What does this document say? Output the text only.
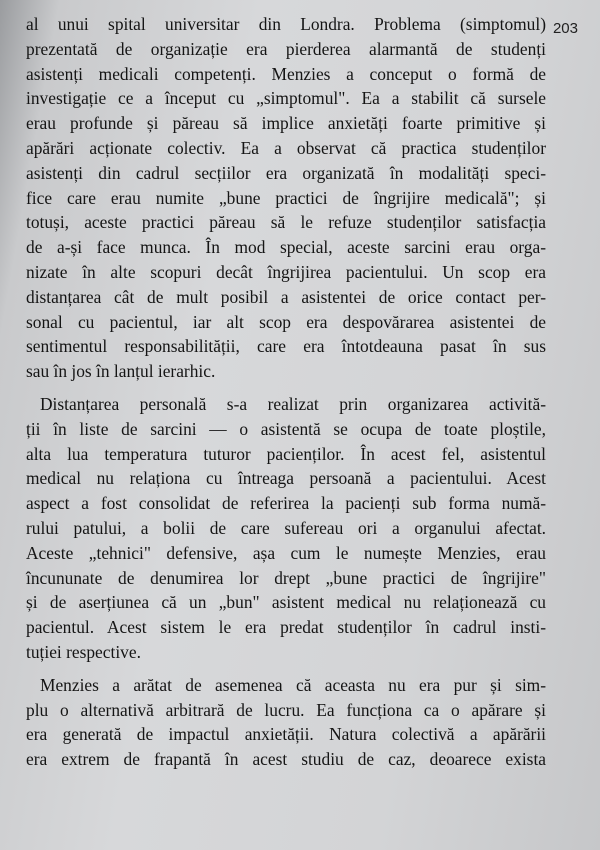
203
al unui spital universitar din Londra. Problema (simptomul)
prezentată de organizație era pierderea alarmantă de studenți
asistenți medicali competenți. Menzies a conceput o formă de
investigație ce a început cu „simptomul". Ea a stabilit că sursele
erau profunde și păreau să implice anxietăți foarte primitive și
apărări acționate colectiv. Ea a observat că practica studenților
asistenți din cadrul secțiilor era organizată în modalități speci-
fice care erau numite „bune practici de îngrijire medicală"; și
totuși, aceste practici păreau să le refuze studenților satisfacția
de a-și face munca. În mod special, aceste sarcini erau orga-
nizate în alte scopuri decât îngrijirea pacientului. Un scop era
distanțarea cât de mult posibil a asistentei de orice contact per-
sonal cu pacientul, iar alt scop era despovărarea asistentei de
sentimentul responsabilității, care era întotdeauna pasat în sus
sau în jos în lanțul ierarhic.
Distanțarea personală s-a realizat prin organizarea activită-
ții în liste de sarcini — o asistentă se ocupa de toate ploștile,
alta lua temperatura tuturor pacienților. În acest fel, asistentul
medical nu relaționa cu întreaga persoană a pacientului. Acest
aspect a fost consolidat de referirea la pacienți sub forma numă-
rului patului, a bolii de care sufereau ori a organului afectat.
Aceste „tehnici" defensive, așa cum le numește Menzies, erau
încununate de denumirea lor drept „bune practici de îngrijire"
și de aserțiunea că un „bun" asistent medical nu relaționează cu
pacientul. Acest sistem le era predat studenților în cadrul insti-
tuției respective.
Menzies a arătat de asemenea că aceasta nu era pur și sim-
plu o alternativă arbitrară de lucru. Ea funcționa ca o apărare și
era generată de impactul anxietății. Natura colectivă a apărării
era extrem de frapantă în acest studiu de caz, deoarece exista
